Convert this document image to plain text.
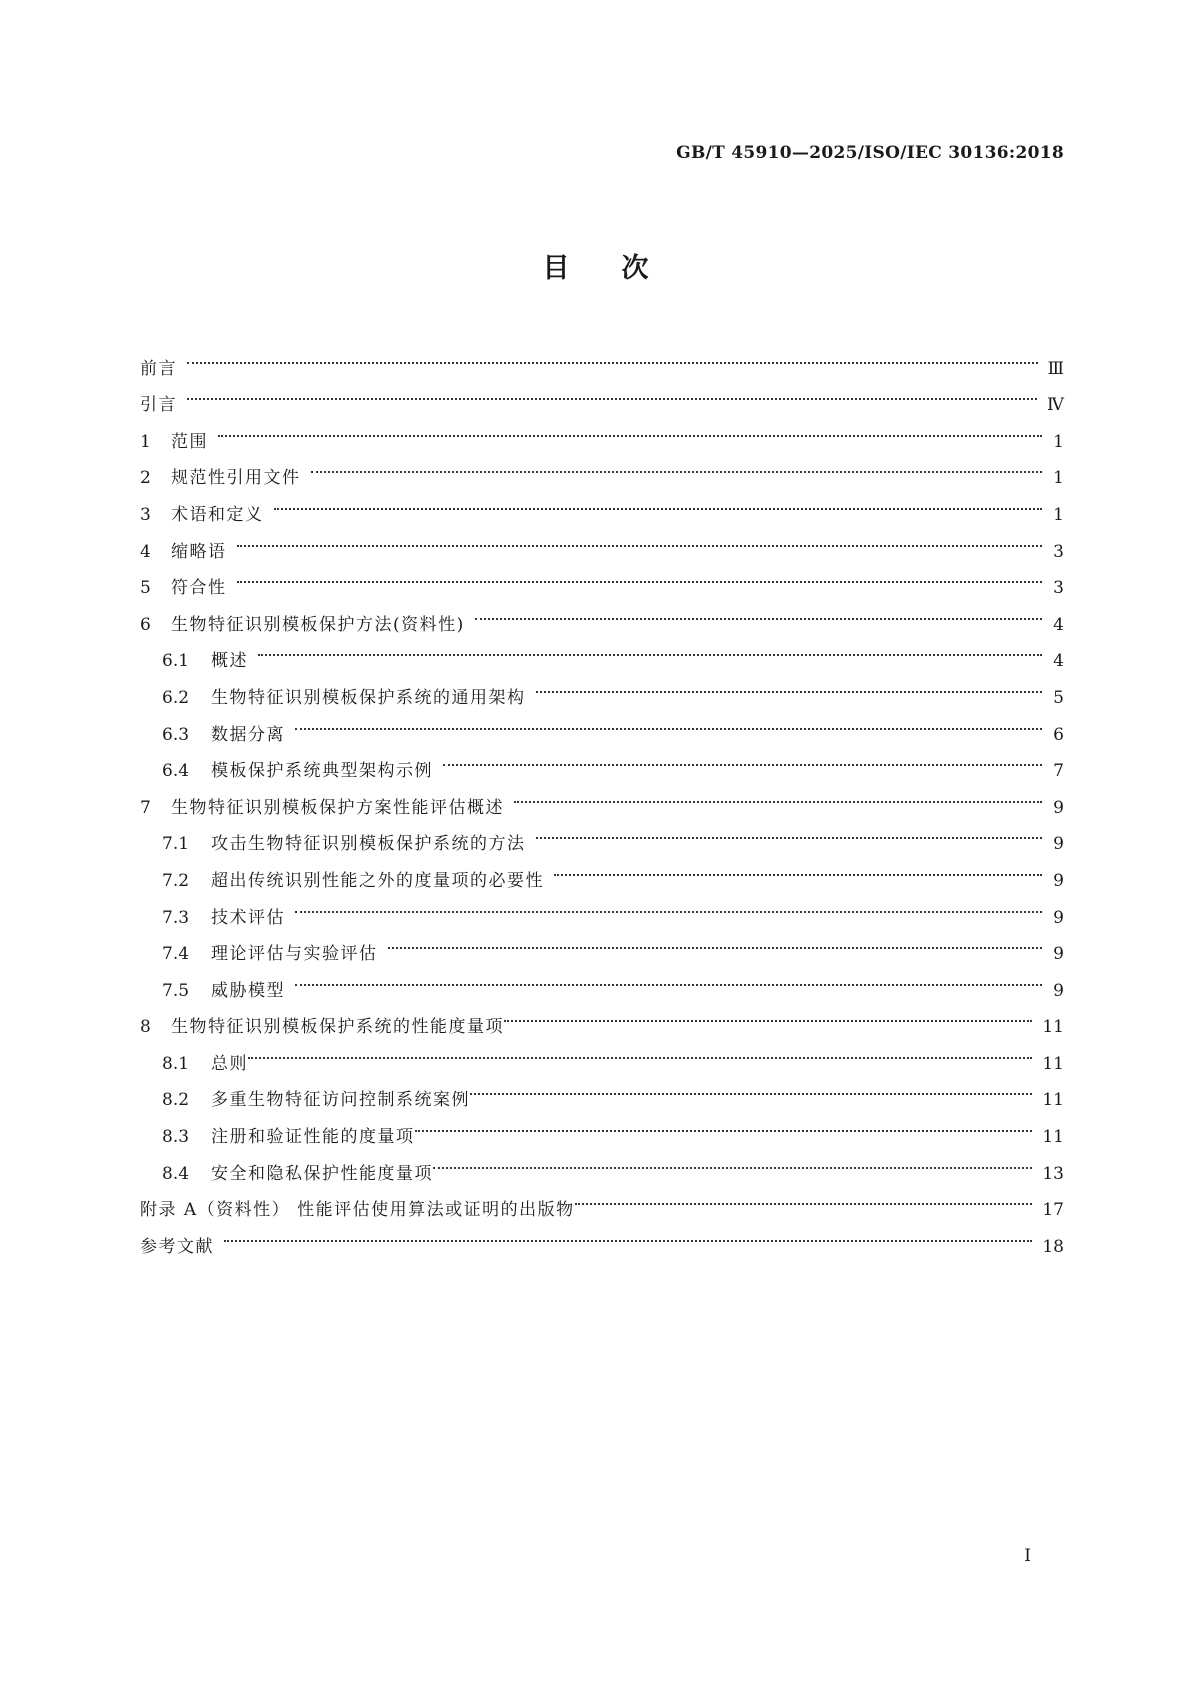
GB/T 45910—2025/ISO/IEC 30136:2018
目次
前言	Ⅲ
引言	Ⅳ
1	范围	1
2	规范性引用文件	1
3	术语和定义	1
4	缩略语	3
5	符合性	3
6	生物特征识别模板保护方法(资料性)	4
6.1	概述	4
6.2	生物特征识别模板保护系统的通用架构	5
6.3	数据分离	6
6.4	模板保护系统典型架构示例	7
7	生物特征识别模板保护方案性能评估概述	9
7.1	攻击生物特征识别模板保护系统的方法	9
7.2	超出传统识别性能之外的度量项的必要性	9
7.3	技术评估	9
7.4	理论评估与实验评估	9
7.5	威胁模型	9
8	生物特征识别模板保护系统的性能度量项	11
8.1	总则	11
8.2	多重生物特征访问控制系统案例	11
8.3	注册和验证性能的度量项	11
8.4	安全和隐私保护性能度量项	13
附录 A（资料性） 性能评估使用算法或证明的出版物	17
参考文献	18
I
